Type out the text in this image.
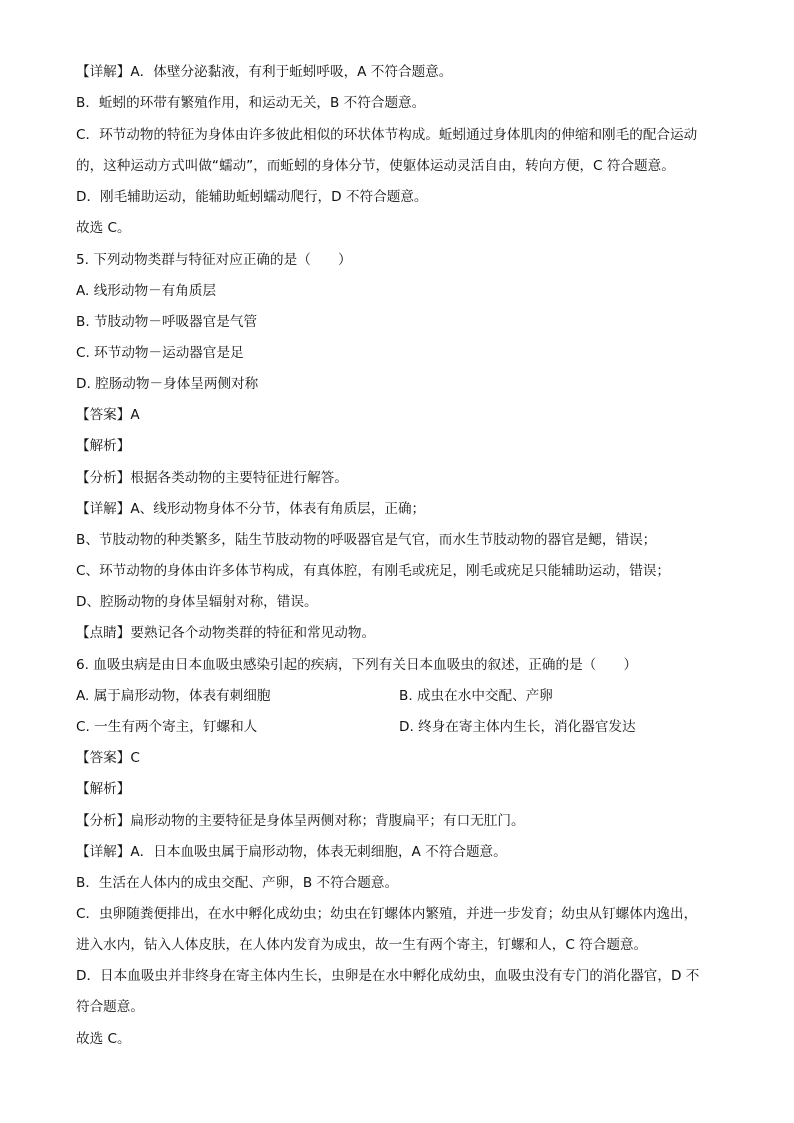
【详解】A．体壁分泌黏液，有利于蚯蚓呼吸，A 不符合题意。
B．蚯蚓的环带有繁殖作用，和运动无关，B 不符合题意。
C．环节动物的特征为身体由许多彼此相似的环状体节构成。蚯蚓通过身体肌肉的伸缩和刚毛的配合运动
的，这种运动方式叫做“蠕动”，而蚯蚓的身体分节，使躯体运动灵活自由，转向方便，C 符合题意。
D．刚毛辅助运动，能辅助蚯蚓蠕动爬行，D 不符合题意。
故选 C。
5. 下列动物类群与特征对应正确的是（　　）
A. 线形动物－有角质层
B. 节肢动物－呼吸器官是气管
C. 环节动物－运动器官是足
D. 腔肠动物－身体呈两侧对称
【答案】A
【解析】
【分析】根据各类动物的主要特征进行解答。
【详解】A、线形动物身体不分节，体表有角质层，正确；
B、节肢动物的种类繁多，陆生节肢动物的呼吸器官是气官，而水生节肢动物的器官是鳃，错误；
C、环节动物的身体由许多体节构成，有真体腔，有刚毛或疣足，刚毛或疣足只能辅助运动，错误；
D、腔肠动物的身体呈辐射对称，错误。
【点睛】要熟记各个动物类群的特征和常见动物。
6. 血吸虫病是由日本血吸虫感染引起的疾病，下列有关日本血吸虫的叙述，正确的是（　　）
A. 属于扁形动物，体表有刺细胞	B. 成虫在水中交配、产卵
C. 一生有两个寄主，钉螺和人	D. 终身在寄主体内生长，消化器官发达
【答案】C
【解析】
【分析】扁形动物的主要特征是身体呈两侧对称；背腹扁平；有口无肛门。
【详解】A．日本血吸虫属于扁形动物，体表无刺细胞，A 不符合题意。
B．生活在人体内的成虫交配、产卵，B 不符合题意。
C．虫卵随粪便排出，在水中孵化成幼虫；幼虫在钉螺体内繁殖，并进一步发育；幼虫从钉螺体内逸出，
进入水内，钻入人体皮肤，在人体内发育为成虫，故一生有两个寄主，钉螺和人，C 符合题意。
D．日本血吸虫并非终身在寄主体内生长，虫卵是在水中孵化成幼虫，血吸虫没有专门的消化器官，D 不
符合题意。
故选 C。
